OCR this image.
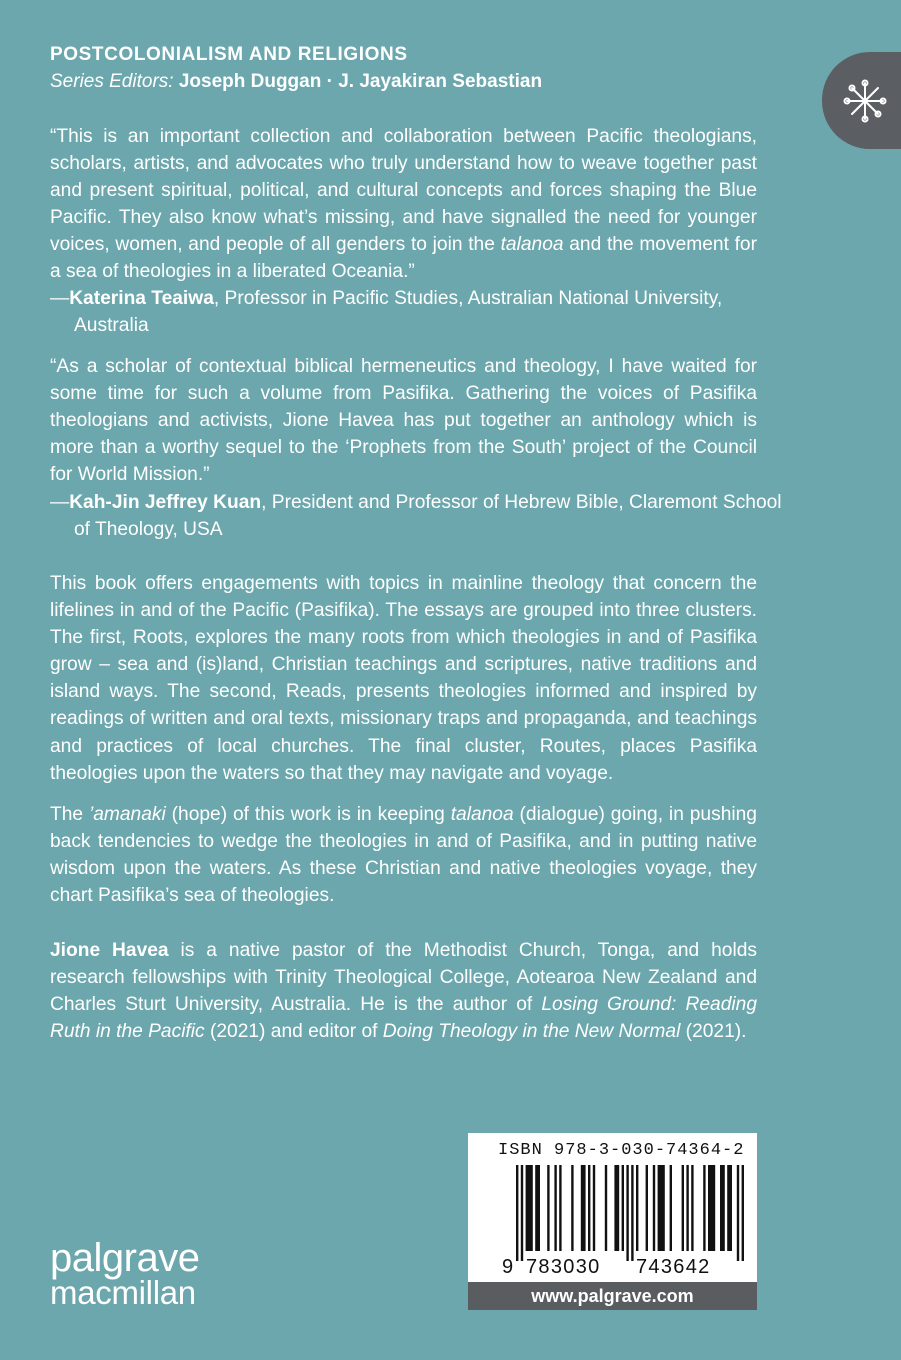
POSTCOLONIALISM AND RELIGIONS
Series Editors: Joseph Duggan · J. Jayakiran Sebastian
“This is an important collection and collaboration between Pacific theologians, scholars, artists, and advocates who truly understand how to weave together past and present spiritual, political, and cultural concepts and forces shaping the Blue Pacific. They also know what’s missing, and have signalled the need for younger voices, women, and people of all genders to join the talanoa and the movement for a sea of theologies in a liberated Oceania.”
—Katerina Teaiwa, Professor in Pacific Studies, Australian National University, Australia
“As a scholar of contextual biblical hermeneutics and theology, I have waited for some time for such a volume from Pasifika. Gathering the voices of Pasifika theologians and activists, Jione Havea has put together an anthology which is more than a worthy sequel to the ‘Prophets from the South’ project of the Council for World Mission.”
—Kah-Jin Jeffrey Kuan, President and Professor of Hebrew Bible, Claremont School of Theology, USA
This book offers engagements with topics in mainline theology that concern the lifelines in and of the Pacific (Pasifika). The essays are grouped into three clusters. The first, Roots, explores the many roots from which theologies in and of Pasifika grow – sea and (is)land, Christian teachings and scriptures, native traditions and island ways. The second, Reads, presents theologies informed and inspired by readings of written and oral texts, missionary traps and propaganda, and teachings and practices of local churches. The final cluster, Routes, places Pasifika theologies upon the waters so that they may navigate and voyage.
The ’amanaki (hope) of this work is in keeping talanoa (dialogue) going, in pushing back tendencies to wedge the theologies in and of Pasifika, and in putting native wisdom upon the waters. As these Christian and native theologies voyage, they chart Pasifika’s sea of theologies.
Jione Havea is a native pastor of the Methodist Church, Tonga, and holds research fellowships with Trinity Theological College, Aotearoa New Zealand and Charles Sturt University, Australia. He is the author of Losing Ground: Reading Ruth in the Pacific (2021) and editor of Doing Theology in the New Normal (2021).
palgrave
macmillan
ISBN 978-3-030-74364-2
9 783030 743642
www.palgrave.com
